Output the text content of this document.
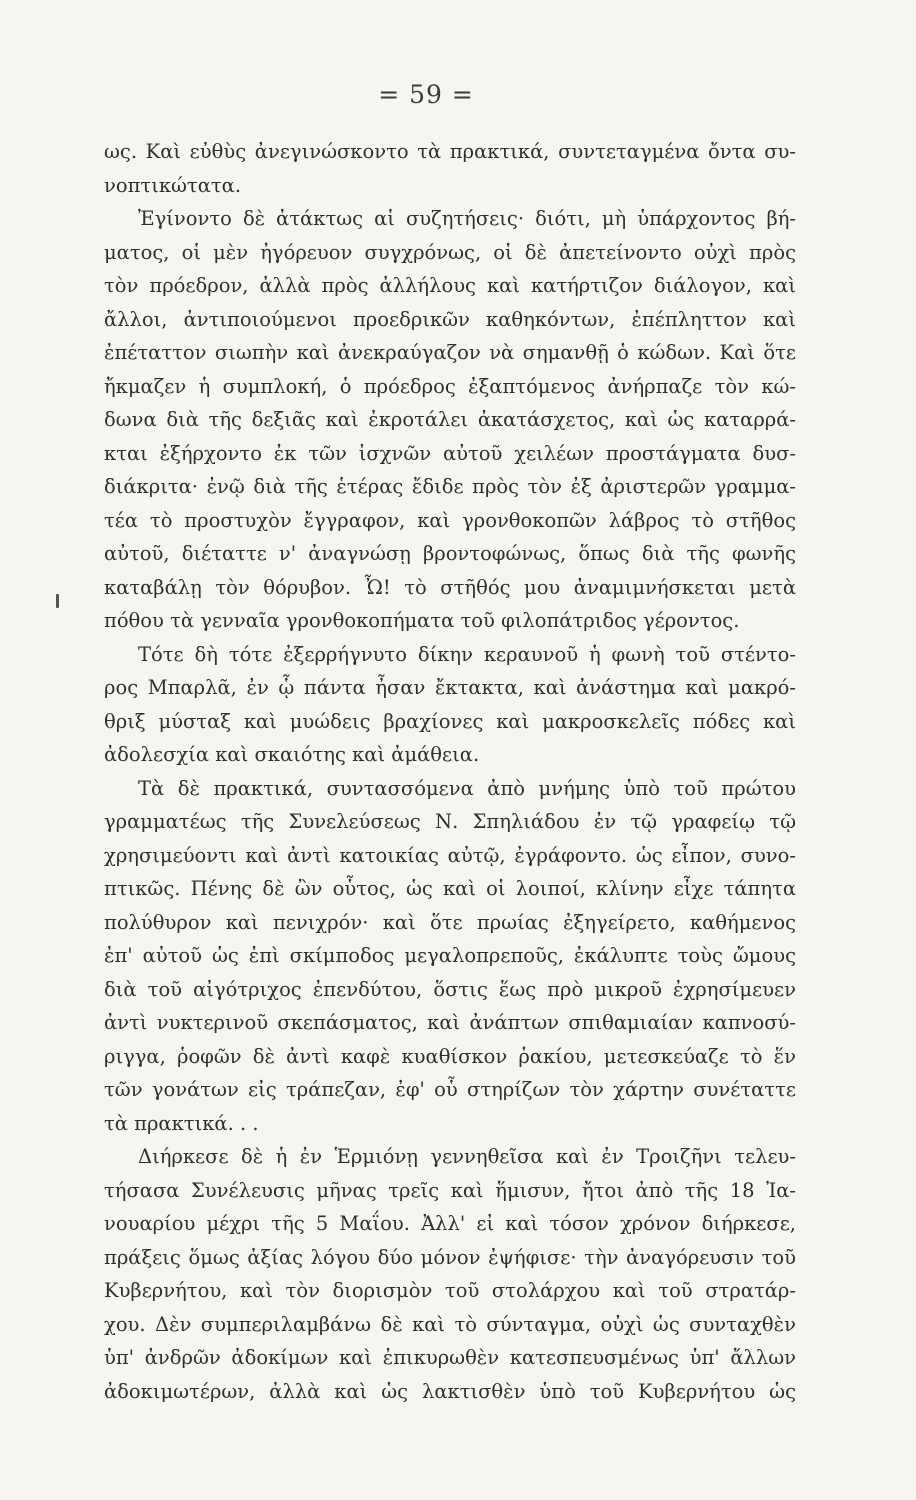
= 59 =
ως. Καὶ εὐθὺς ἀνεγινώσκοντο τὰ πρακτικά, συντεταγμένα ὄντα συ-
νοπτικώτατα.
Ἐγίνοντο δὲ ἀτάκτως αἱ συζητήσεις· διότι, μὴ ὑπάρχοντος βή-
ματος, οἱ μὲν ἠγόρευον συγχρόνως, οἱ δὲ ἀπετείνοντο οὐχὶ πρὸς
τὸν πρόεδρον, ἀλλὰ πρὸς ἀλλήλους καὶ κατήρτιζον διάλογον, καὶ
ἄλλοι, ἀντιποιούμενοι προεδρικῶν καθηκόντων, ἐπέπληττον καὶ
ἐπέταττον σιωπὴν καὶ ἀνεκραύγαζον νὰ σημανθῇ ὁ κώδων. Καὶ ὅτε
ἤκμαζεν ἡ συμπλοκή, ὁ πρόεδρος ἐξαπτόμενος ἀνήρπαζε τὸν κώ-
δωνα διὰ τῆς δεξιᾶς καὶ ἐκροτάλει ἀκατάσχετος, καὶ ὡς καταρρά-
κται ἐξήρχοντο ἐκ τῶν ἰσχνῶν αὐτοῦ χειλέων προστάγματα δυσ-
διάκριτα· ἐνῷ διὰ τῆς ἑτέρας ἔδιδε πρὸς τὸν ἐξ ἀριστερῶν γραμμα-
τέα τὸ προστυχὸν ἔγγραφον, καὶ γρονθοκοπῶν λάβρος τὸ στῆθος
αὐτοῦ, διέταττε ν' ἀναγνώσῃ βροντοφώνως, ὅπως διὰ τῆς φωνῆς
καταβάλῃ τὸν θόρυβον. Ὦ! τὸ στῆθός μου ἀναμιμνήσκεται μετὰ
πόθου τὰ γενναῖα γρονθοκοπήματα τοῦ φιλοπάτριδος γέροντος.
Τότε δὴ τότε ἐξερρήγνυτο δίκην κεραυνοῦ ἡ φωνὴ τοῦ στέντο-
ρος Μπαρλᾶ, ἐν ᾧ πάντα ἦσαν ἔκτακτα, καὶ ἀνάστημα καὶ μακρό-
θριξ μύσταξ καὶ μυώδεις βραχίονες καὶ μακροσκελεῖς πόδες καὶ
ἀδολεσχία καὶ σκαιότης καὶ ἀμάθεια.
Τὰ δὲ πρακτικά, συντασσόμενα ἀπὸ μνήμης ὑπὸ τοῦ πρώτου
γραμματέως τῆς Συνελεύσεως Ν. Σπηλιάδου ἐν τῷ γραφείῳ τῷ
χρησιμεύοντι καὶ ἀντὶ κατοικίας αὐτῷ, ἐγράφοντο. ὡς εἶπον, συνο-
πτικῶς. Πένης δὲ ὢν οὗτος, ὡς καὶ οἱ λοιποί, κλίνην εἶχε τάπητα
πολύθυρον καὶ πενιχρόν· καὶ ὅτε πρωίας ἐξηγείρετο, καθήμενος
ἐπ' αὐτοῦ ὡς ἐπὶ σκίμποδος μεγαλοπρεποῦς, ἐκάλυπτε τοὺς ὤμους
διὰ τοῦ αἰγότριχος ἐπενδύτου, ὅστις ἕως πρὸ μικροῦ ἐχρησίμευεν
ἀντὶ νυκτερινοῦ σκεπάσματος, καὶ ἀνάπτων σπιθαμιαίαν καπνοσύ-
ριγγα, ῥοφῶν δὲ ἀντὶ καφὲ κυαθίσκον ῥακίου, μετεσκεύαζε τὸ ἕν
τῶν γονάτων εἰς τράπεζαν, ἐφ' οὗ στηρίζων τὸν χάρτην συνέταττε
τὰ πρακτικά. . .
Διήρκεσε δὲ ἡ ἐν Ἑρμιόνῃ γεννηθεῖσα καὶ ἐν Τροιζῆνι τελευ-
τήσασα Συνέλευσις μῆνας τρεῖς καὶ ἥμισυν, ἤτοι ἀπὸ τῆς 18 Ἰα-
νουαρίου μέχρι τῆς 5 Μαΐου. Ἀλλ' εἰ καὶ τόσον χρόνον διήρκεσε,
πράξεις ὅμως ἀξίας λόγου δύο μόνον ἐψήφισε· τὴν ἀναγόρευσιν τοῦ
Κυβερνήτου, καὶ τὸν διορισμὸν τοῦ στολάρχου καὶ τοῦ στρατάρ-
χου. Δὲν συμπεριλαμβάνω δὲ καὶ τὸ σύνταγμα, οὐχὶ ὡς συνταχθὲν
ὑπ' ἀνδρῶν ἀδοκίμων καὶ ἐπικυρωθὲν κατεσπευσμένως ὑπ' ἄλλων
ἀδοκιμωτέρων, ἀλλὰ καὶ ὡς λακτισθὲν ὑπὸ τοῦ Κυβερνήτου ὡς
